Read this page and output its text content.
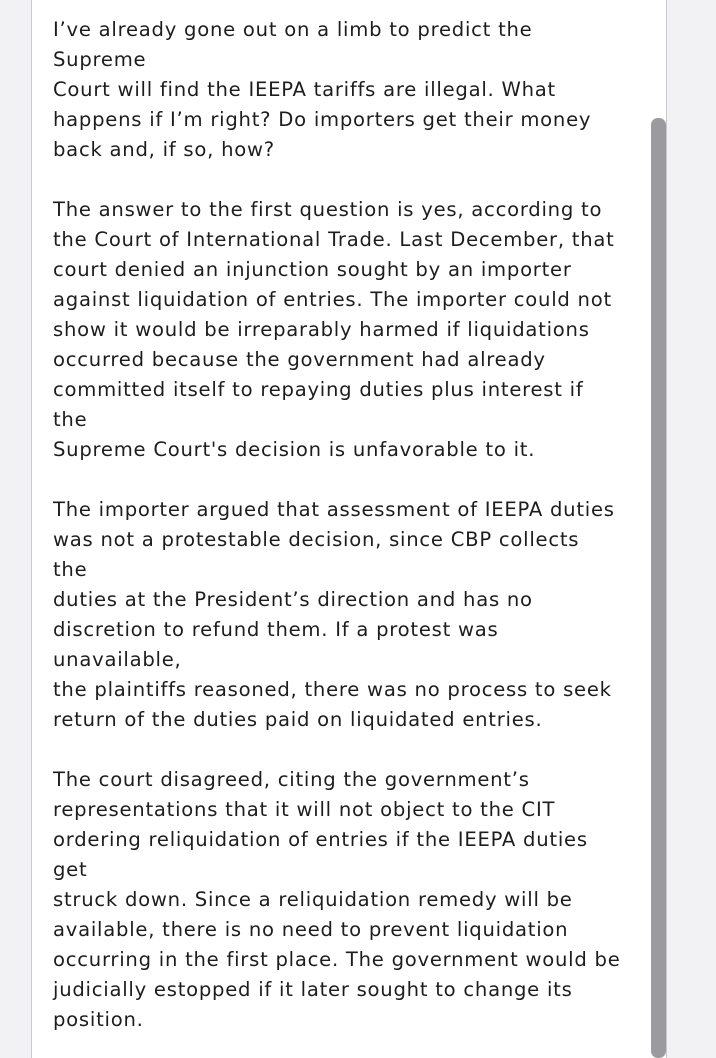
I’ve already gone out on a limb to predict the
Supreme
Court will find the IEEPA tariffs are illegal. What
happens if I’m right? Do importers get their money
back and, if so, how?

The answer to the first question is yes, according to
the Court of International Trade. Last December, that
court denied an injunction sought by an importer
against liquidation of entries. The importer could not
show it would be irreparably harmed if liquidations
occurred because the government had already
committed itself to repaying duties plus interest if
the
Supreme Court's decision is unfavorable to it.

The importer argued that assessment of IEEPA duties
was not a protestable decision, since CBP collects
the
duties at the President’s direction and has no
discretion to refund them. If a protest was
unavailable,
the plaintiffs reasoned, there was no process to seek
return of the duties paid on liquidated entries.

The court disagreed, citing the government’s
representations that it will not object to the CIT
ordering reliquidation of entries if the IEEPA duties
get
struck down. Since a reliquidation remedy will be
available, there is no need to prevent liquidation
occurring in the first place. The government would be
judicially estopped if it later sought to change its
position.
